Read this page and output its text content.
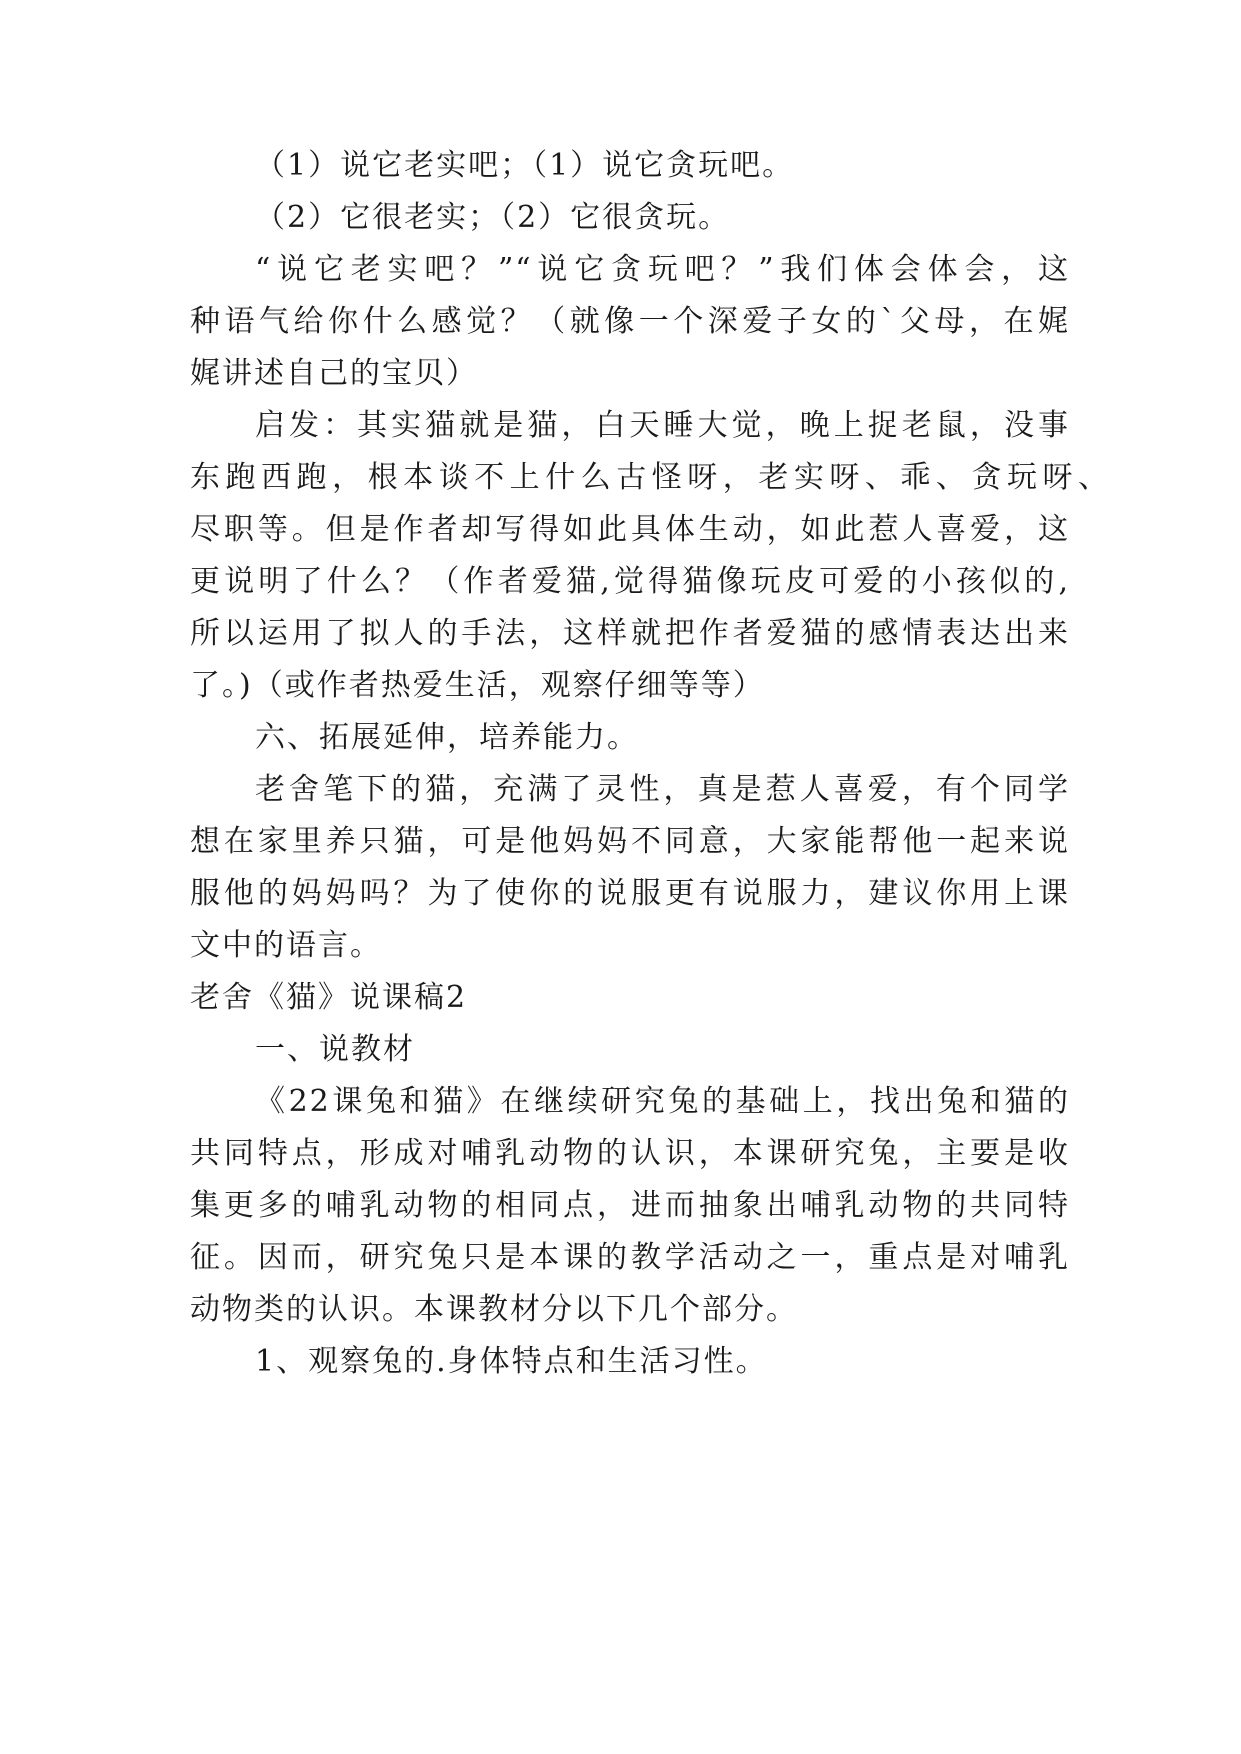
（1）说它老实吧；（1）说它贪玩吧。
（2）它很老实；（2）它很贪玩。
“说它老实吧？”“说它贪玩吧？”我们体会体会，这
种语气给你什么感觉？（就像一个深爱子女的`父母，在娓
娓讲述自己的宝贝）
启发：其实猫就是猫，白天睡大觉，晚上捉老鼠，没事
东跑西跑，根本谈不上什么古怪呀，老实呀、乖、贪玩呀、
尽职等。但是作者却写得如此具体生动，如此惹人喜爱，这
更说明了什么？（作者爱猫,觉得猫像玩皮可爱的小孩似的,
所以运用了拟人的手法，这样就把作者爱猫的感情表达出来
了。)（或作者热爱生活，观察仔细等等）
六、拓展延伸，培养能力。
老舍笔下的猫，充满了灵性，真是惹人喜爱，有个同学
想在家里养只猫，可是他妈妈不同意，大家能帮他一起来说
服他的妈妈吗？为了使你的说服更有说服力，建议你用上课
文中的语言。
老舍《猫》说课稿2
一、说教材
《22课兔和猫》在继续研究兔的基础上，找出兔和猫的
共同特点，形成对哺乳动物的认识，本课研究兔，主要是收
集更多的哺乳动物的相同点，进而抽象出哺乳动物的共同特
征。因而，研究兔只是本课的教学活动之一，重点是对哺乳
动物类的认识。本课教材分以下几个部分。
1、观察兔的.身体特点和生活习性。
